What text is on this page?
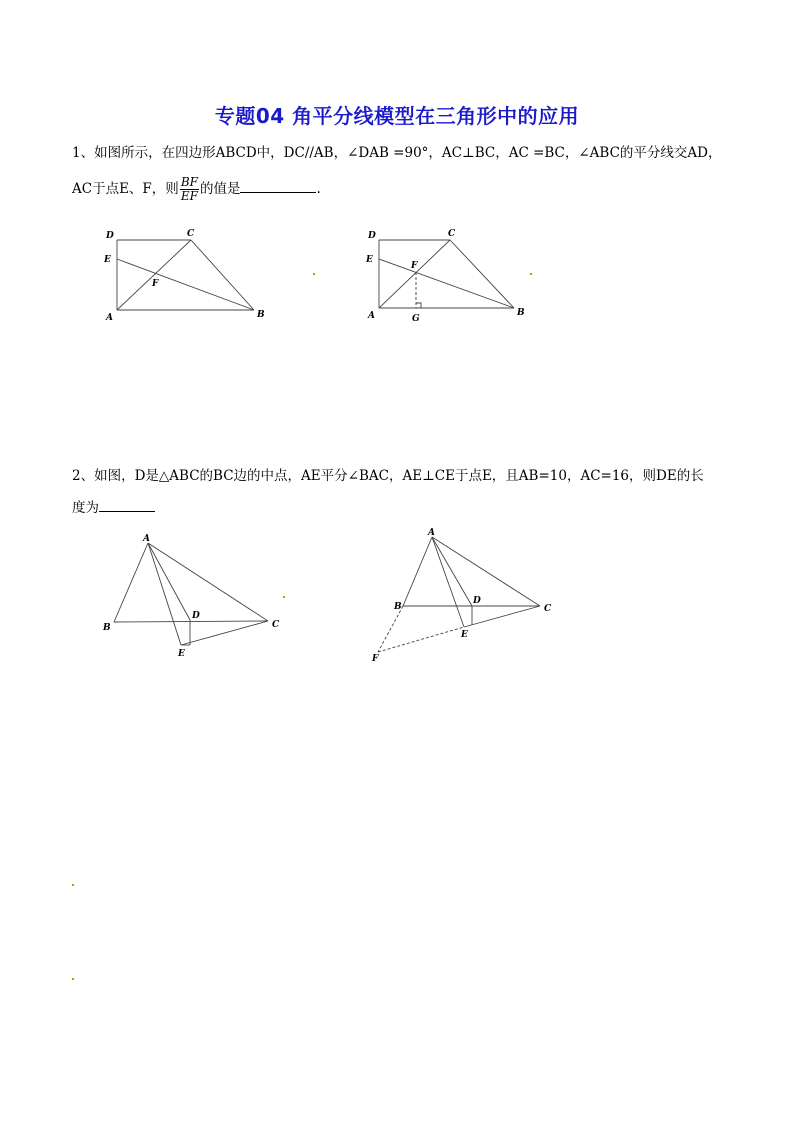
专题04 角平分线模型在三角形中的应用
1、如图所示，在四边形ABCD中，DC//AB，∠DAB =90°，AC⊥BC，AC =BC，∠ABC的平分线交AD，
AC于点E、F，则 $\frac{BF}{EF}$ 的值是	.
D	C
E
F
A	B
D	C
E
F
A	G
B
2、如图，D是△ABC的BC边的中点，AE平分∠BAC，AE⊥CE于点E，且AB=10，AC=16，则DE的长
度为
A
B	C
D
E
A
B	C
D
E
F
